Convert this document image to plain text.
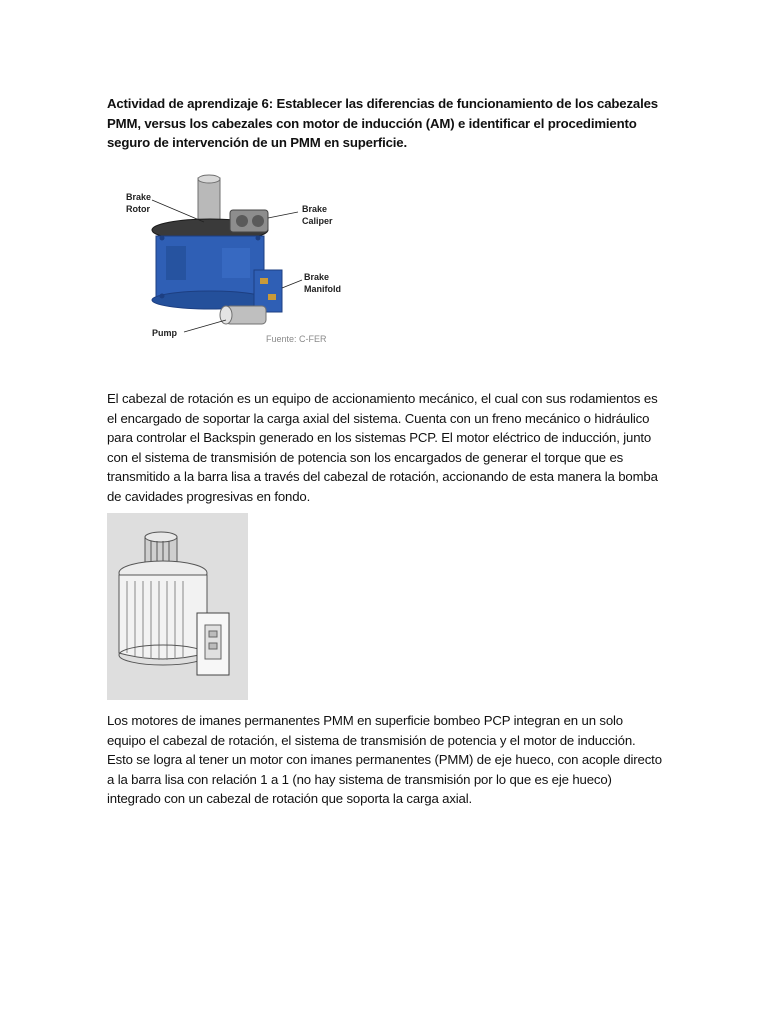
Actividad de aprendizaje 6: Establecer las diferencias de funcionamiento de los cabezales PMM, versus los cabezales con motor de inducción (AM) e identificar el procedimiento seguro de intervención de un PMM en superficie.

Brake
Rotor	Brake
Caliper
Brake
Manifold
Pump
Fuente: C-FER

El cabezal de rotación es un equipo de accionamiento mecánico, el cual con sus rodamientos es el encargado de soportar la carga axial del sistema. Cuenta con un freno mecánico o hidráulico para controlar el Backspin generado en los sistemas PCP. El motor eléctrico de inducción, junto con el sistema de transmisión de potencia son los encargados de generar el torque que es transmitido a la barra lisa a través del cabezal de rotación, accionando de esta manera la bomba de cavidades progresivas en fondo.

Los motores de imanes permanentes PMM en superficie bombeo PCP integran en un solo equipo el cabezal de rotación, el sistema de transmisión de potencia y el motor de inducción. Esto se logra al tener un motor con imanes permanentes (PMM) de eje hueco, con acople directo a la barra lisa con relación 1 a 1 (no hay sistema de transmisión por lo que es eje hueco) integrado con un cabezal de rotación que soporta la carga axial.
